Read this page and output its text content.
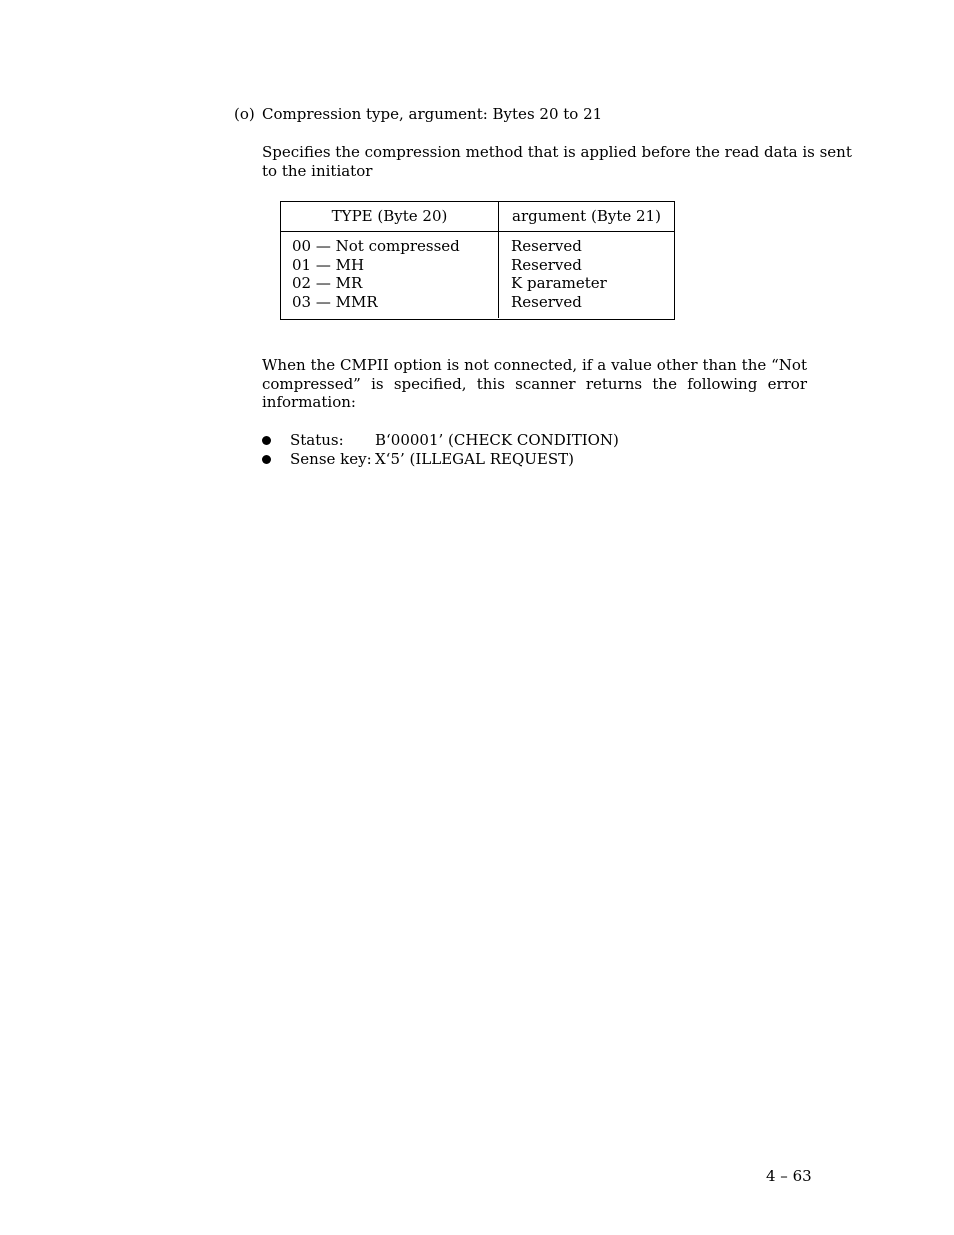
(o) Compression type, argument: Bytes 20 to 21
Specifies the compression method that is applied before the read data is sent
to the initiator
TYPE (Byte 20)	argument (Byte 21)
00 — Not compressed
01 — MH
02 — MR
03 — MMR
Reserved
Reserved
K parameter
Reserved
When the CMPII option is not connected, if a value other than the “Not compressed” is specified, this scanner returns the following error information:
Status: B‘00001’ (CHECK CONDITION)
Sense key: X‘5’ (ILLEGAL REQUEST)
4 – 63
